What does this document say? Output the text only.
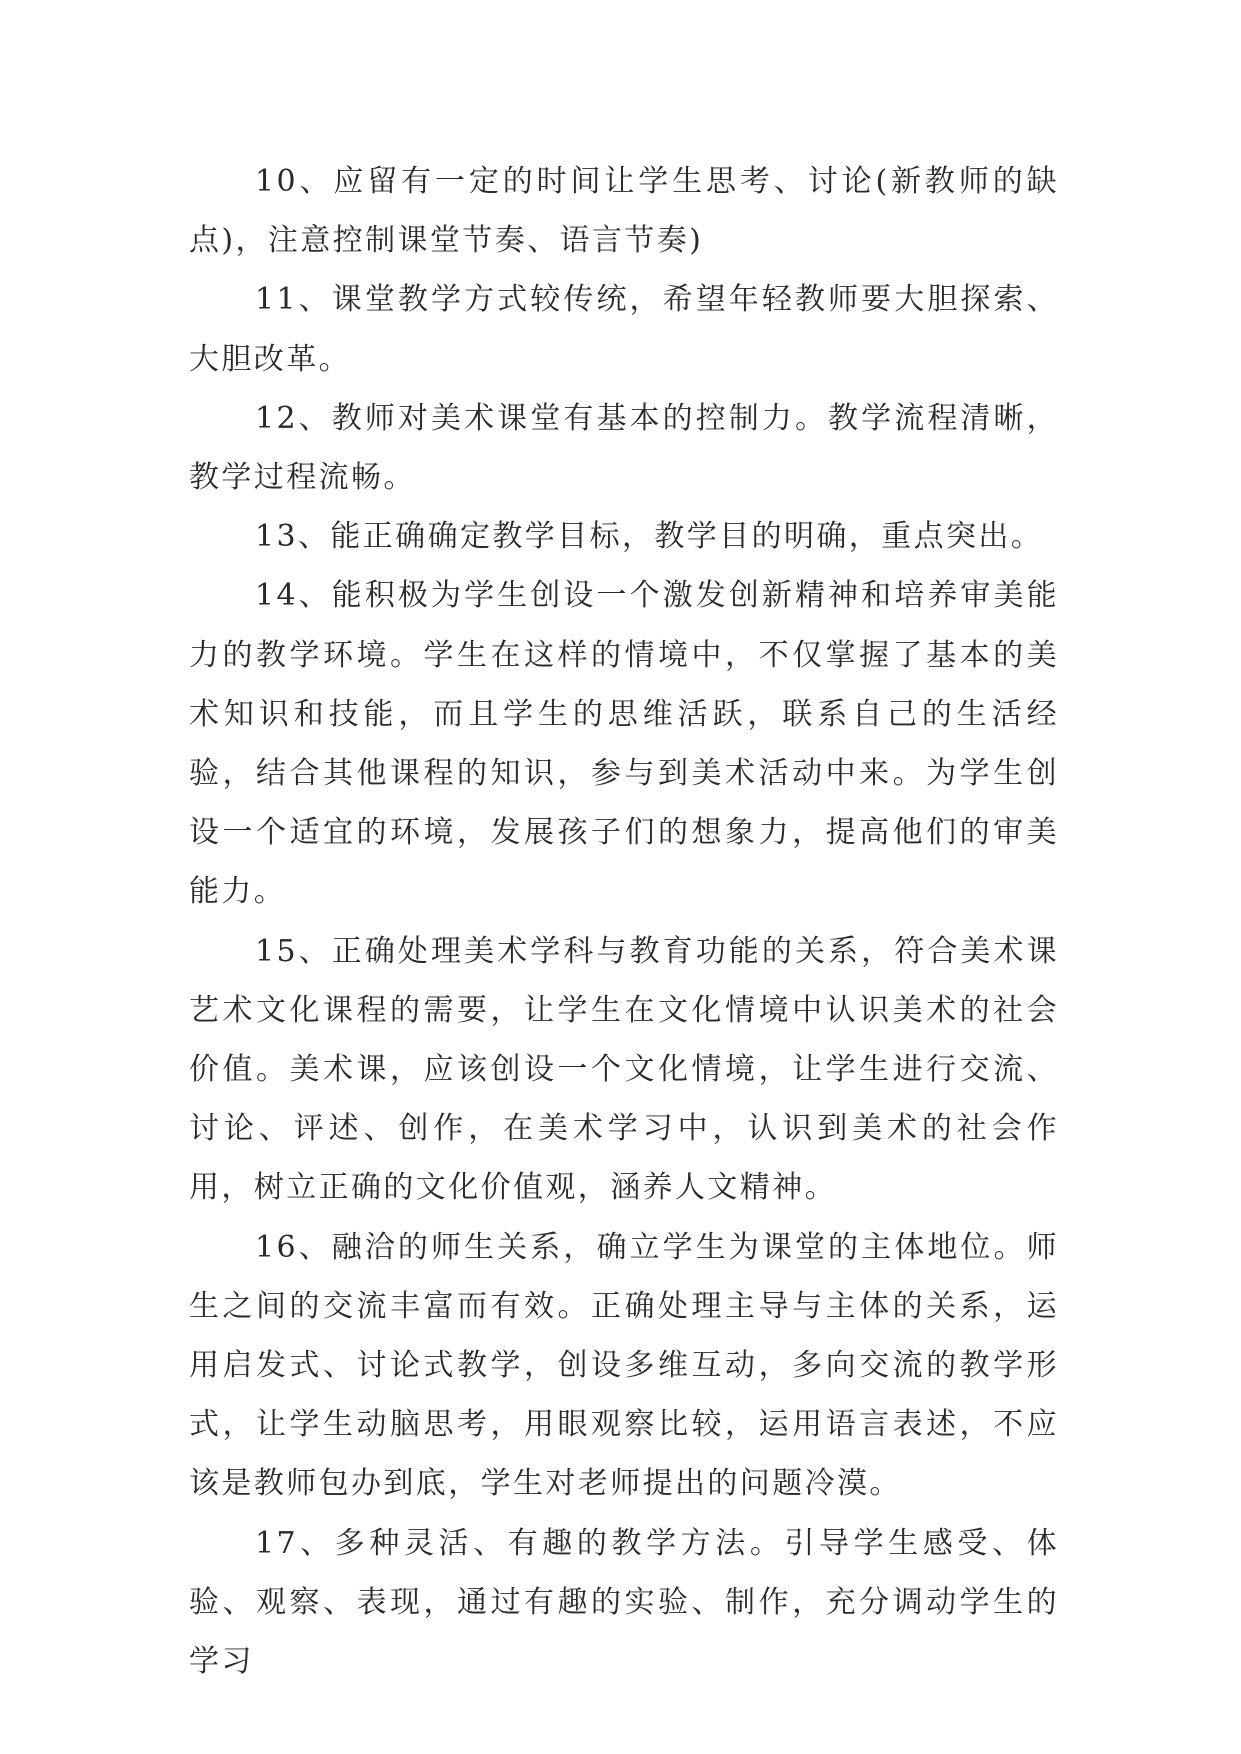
10、应留有一定的时间让学生思考、讨论(新教师的缺点)，注意控制课堂节奏、语言节奏)

11、课堂教学方式较传统，希望年轻教师要大胆探索、大胆改革。

12、教师对美术课堂有基本的控制力。教学流程清晰，教学过程流畅。

13、能正确确定教学目标，教学目的明确，重点突出。

14、能积极为学生创设一个激发创新精神和培养审美能力的教学环境。学生在这样的情境中，不仅掌握了基本的美术知识和技能，而且学生的思维活跃，联系自己的生活经验，结合其他课程的知识，参与到美术活动中来。为学生创设一个适宜的环境，发展孩子们的想象力，提高他们的审美能力。

15、正确处理美术学科与教育功能的关系，符合美术课艺术文化课程的需要，让学生在文化情境中认识美术的社会价值。美术课，应该创设一个文化情境，让学生进行交流、讨论、评述、创作，在美术学习中，认识到美术的社会作用，树立正确的文化价值观，涵养人文精神。

16、融洽的师生关系，确立学生为课堂的主体地位。师生之间的交流丰富而有效。正确处理主导与主体的关系，运用启发式、讨论式教学，创设多维互动，多向交流的教学形式，让学生动脑思考，用眼观察比较，运用语言表述，不应该是教师包办到底，学生对老师提出的问题冷漠。

17、多种灵活、有趣的教学方法。引导学生感受、体验、观察、表现，通过有趣的实验、制作，充分调动学生的学习
